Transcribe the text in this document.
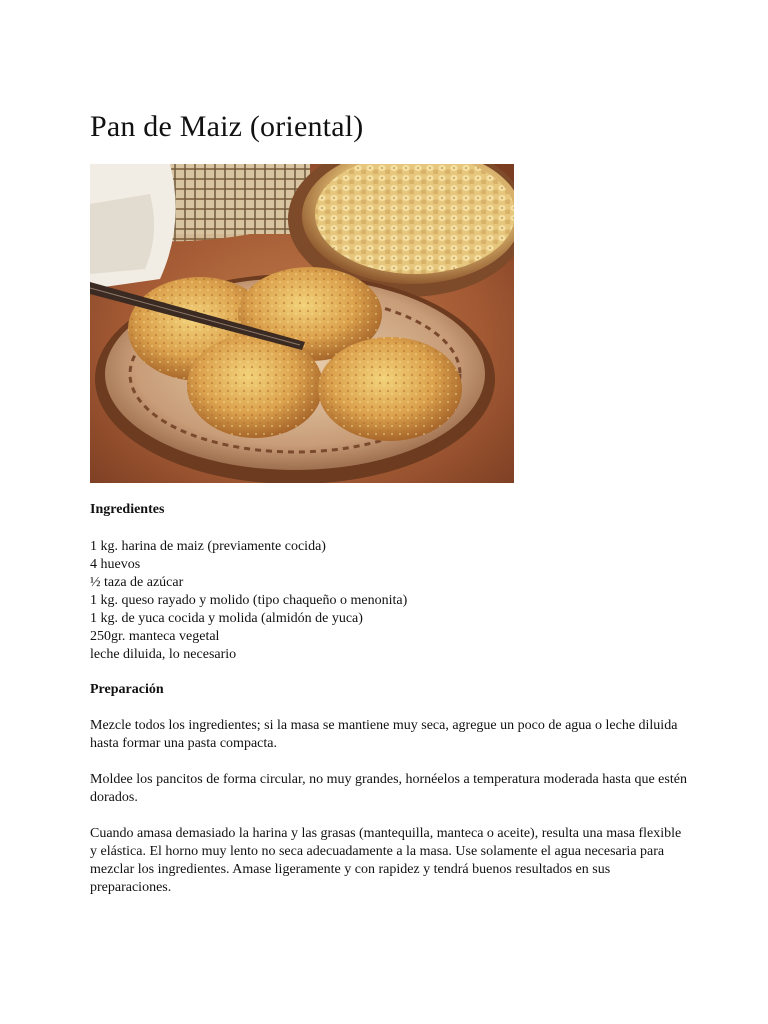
Pan de Maiz (oriental)
Ingredientes
1 kg. harina de maiz (previamente cocida)
4 huevos
½ taza de azúcar
1 kg. queso rayado y molido (tipo chaqueño o menonita)
1 kg. de yuca cocida y molida (almidón de yuca)
250gr. manteca vegetal
leche diluida, lo necesario
Preparación

Mezcle todos los ingredientes; si la masa se mantiene muy seca, agregue un poco de agua o leche diluida hasta formar una pasta compacta.

Moldee los pancitos de forma circular, no muy grandes, hornéelos a temperatura moderada hasta que estén dorados.

Cuando amasa demasiado la harina y las grasas (mantequilla, manteca o aceite), resulta una masa flexible y elástica. El horno muy lento no seca adecuadamente a la masa. Use solamente el agua necesaria para mezclar los ingredientes. Amase ligeramente y con rapidez y tendrá buenos resultados en sus preparaciones.
